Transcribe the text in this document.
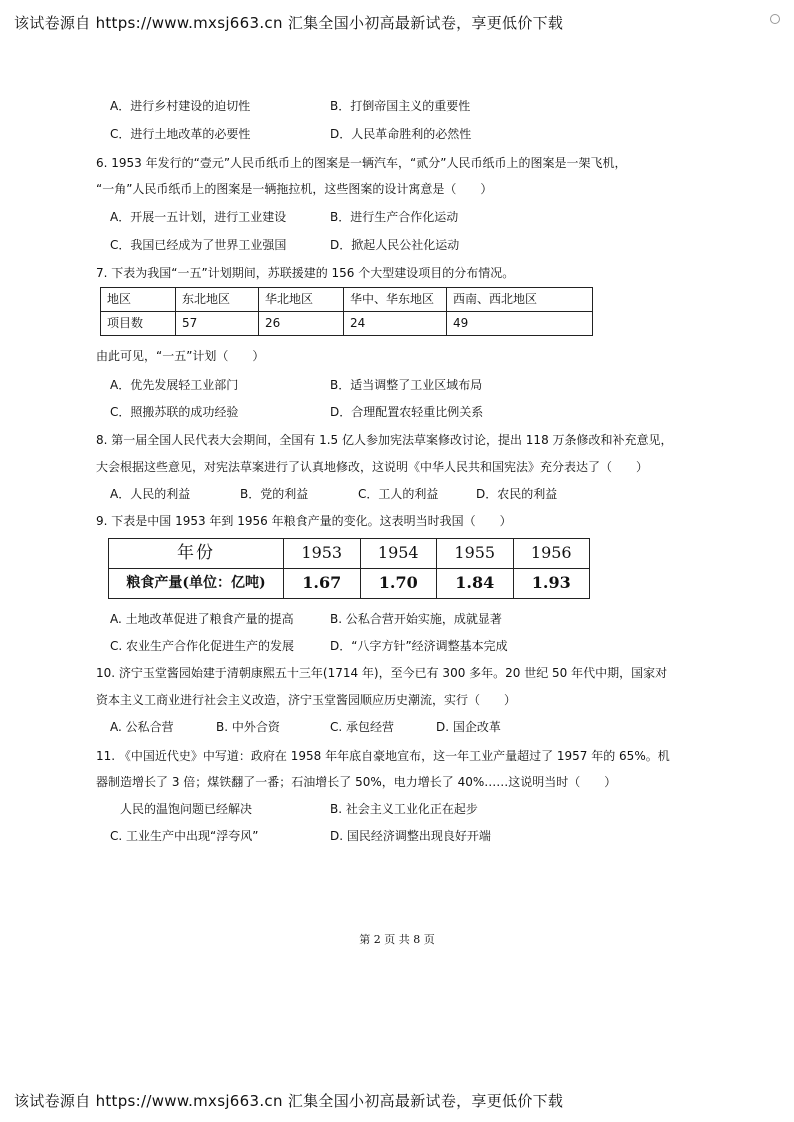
该试卷源自 https://www.mxsj663.cn 汇集全国小初高最新试卷，享更低价下载
A．进行乡村建设的迫切性	B．打倒帝国主义的重要性
C．进行土地改革的必要性	D．人民革命胜利的必然性
6. 1953 年发行的“壹元”人民币纸币上的图案是一辆汽车，“贰分”人民币纸币上的图案是一架飞机，
“一角”人民币纸币上的图案是一辆拖拉机，这些图案的设计寓意是（　　）
A．开展一五计划，进行工业建设	B．进行生产合作化运动
C．我国已经成为了世界工业强国	D．掀起人民公社化运动
7. 下表为我国“一五”计划期间，苏联援建的 156 个大型建设项目的分布情况。
地区	东北地区	华北地区	华中、华东地区	西南、西北地区
项目数	57	26	24	49
由此可见，“一五”计划（　　）
A．优先发展轻工业部门	B．适当调整了工业区域布局
C．照搬苏联的成功经验	D．合理配置农轻重比例关系
8. 第一届全国人民代表大会期间，全国有 1.5 亿人参加宪法草案修改讨论，提出 118 万条修改和补充意见，
大会根据这些意见，对宪法草案进行了认真地修改，这说明《中华人民共和国宪法》充分表达了（　　）
A．人民的利益	B．党的利益	C．工人的利益	D．农民的利益
9. 下表是中国 1953 年到 1956 年粮食产量的变化。这表明当时我国（　　）
年份	1953	1954	1955	1956
粮食产量(单位：亿吨)	1.67	1.70	1.84	1.93
A. 土地改革促进了粮食产量的提高	B. 公私合营开始实施，成就显著
C. 农业生产合作化促进生产的发展	D．“八字方针”经济调整基本完成
10. 济宁玉堂酱园始建于清朝康熙五十三年(1714 年)，至今已有 300 多年。20 世纪 50 年代中期，国家对
资本主义工商业进行社会主义改造，济宁玉堂酱园顺应历史潮流，实行（　　）
A. 公私合营	B. 中外合资	C. 承包经营	D. 国企改革
11. 《中国近代史》中写道：政府在 1958 年年底自豪地宣布，这一年工业产量超过了 1957 年的 65%。机
器制造增长了 3 倍；煤铁翻了一番；石油增长了 50%，电力增长了 40%……这说明当时（　　）
人民的温饱问题已经解决	B. 社会主义工业化正在起步
C. 工业生产中出现“浮夸风”	D. 国民经济调整出现良好开端
第 2 页 共 8 页
该试卷源自 https://www.mxsj663.cn 汇集全国小初高最新试卷，享更低价下载
